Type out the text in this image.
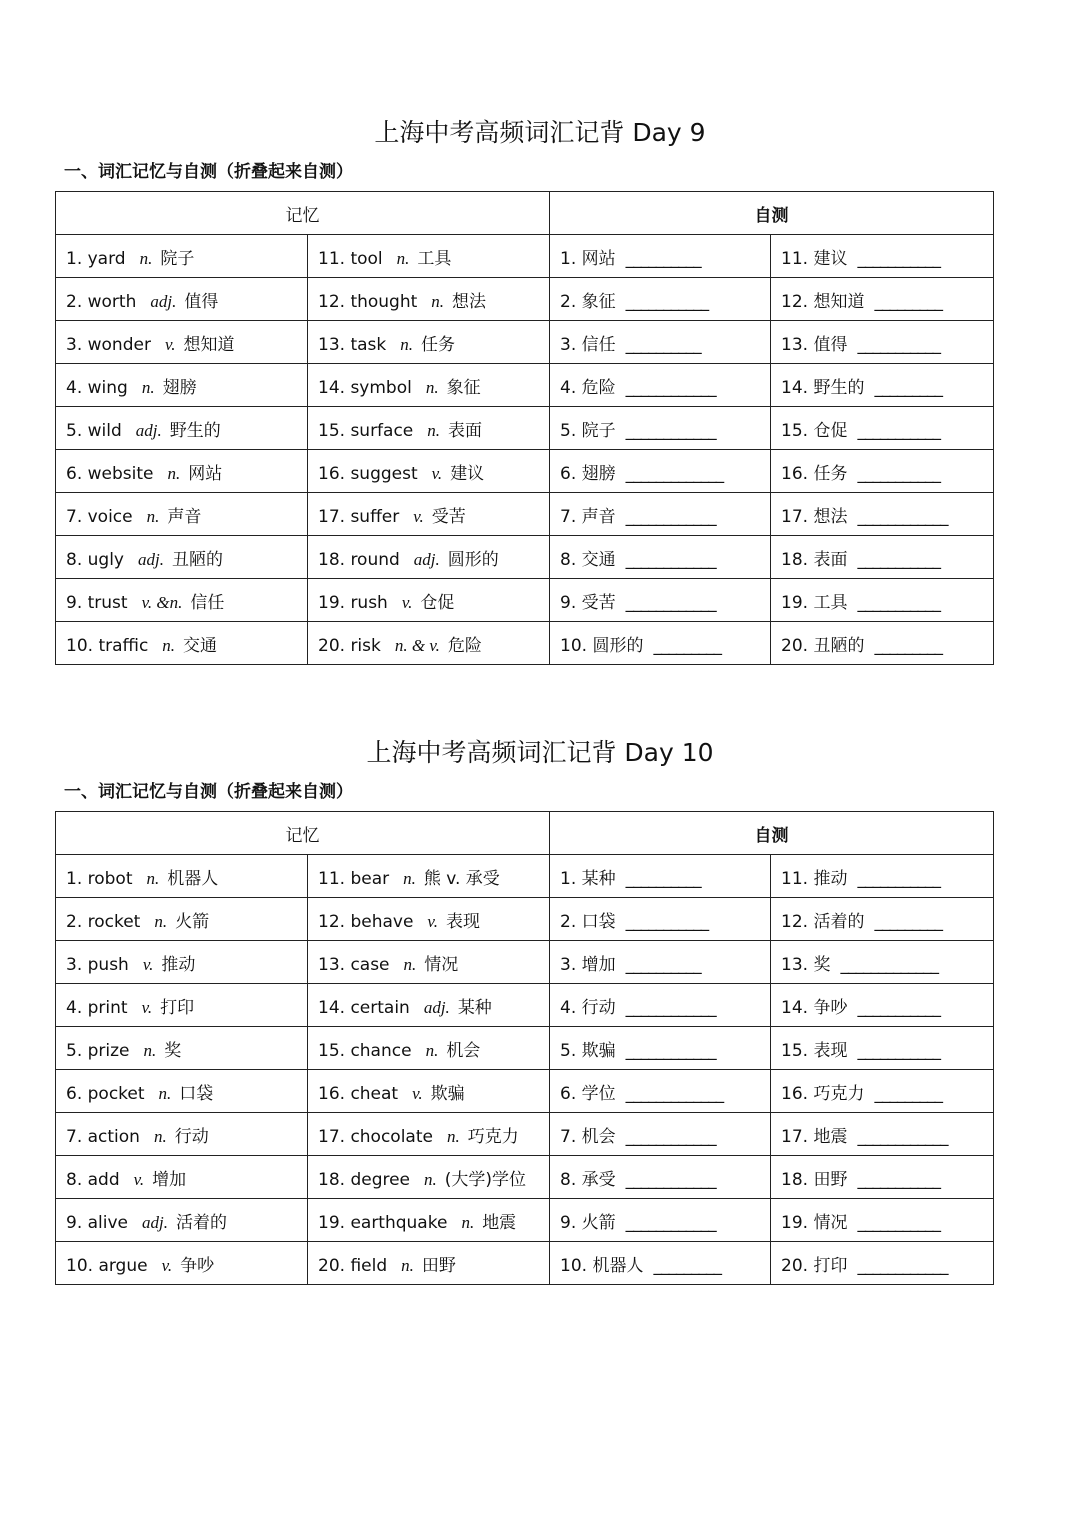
上海中考高频词汇记背 Day 9

一、词汇记忆与自测（折叠起来自测）

记忆		自测	
1. yard n. 院子	11. tool n. 工具	1. 网站 __________	11. 建议 ___________
2. worth adj. 值得	12. thought n. 想法	2. 象征 ___________	12. 想知道 _________
3. wonder v. 想知道	13. task n. 任务	3. 信任 __________	13. 值得 ___________
4. wing n. 翅膀	14. symbol n. 象征	4. 危险 ____________	14. 野生的 _________
5. wild adj. 野生的	15. surface n. 表面	5. 院子 ____________	15. 仓促 ___________
6. website n. 网站	16. suggest v. 建议	6. 翅膀 _____________	16. 任务 ___________
7. voice n. 声音	17. suffer v. 受苦	7. 声音 ____________	17. 想法 ____________
8. ugly adj. 丑陋的	18. round adj. 圆形的	8. 交通 ____________	18. 表面 ___________
9. trust v. &n. 信任	19. rush v. 仓促	9. 受苦 ____________	19. 工具 ___________
10. traffic n. 交通	20. risk n. & v. 危险	10. 圆形的 _________	20. 丑陋的 _________
上海中考高频词汇记背 Day 10

一、词汇记忆与自测（折叠起来自测）

记忆		自测	
1. robot n. 机器人	11. bear n. 熊 v. 承受	1. 某种 __________	11. 推动 ___________
2. rocket n. 火箭	12. behave v. 表现	2. 口袋 ___________	12. 活着的 _________
3. push v. 推动	13. case n. 情况	3. 增加 __________	13. 奖 _____________
4. print v. 打印	14. certain adj. 某种	4. 行动 ____________	14. 争吵 ___________
5. prize n. 奖	15. chance n. 机会	5. 欺骗 ____________	15. 表现 ___________
6. pocket n. 口袋	16. cheat v. 欺骗	6. 学位 _____________	16. 巧克力 _________
7. action n. 行动	17. chocolate n. 巧克力	7. 机会 ____________	17. 地震 ____________
8. add v. 增加	18. degree n. (大学)学位	8. 承受 ____________	18. 田野 ___________
9. alive adj. 活着的	19. earthquake n. 地震	9. 火箭 ____________	19. 情况 ___________
10. argue v. 争吵	20. field n. 田野	10. 机器人 _________	20. 打印 ____________
